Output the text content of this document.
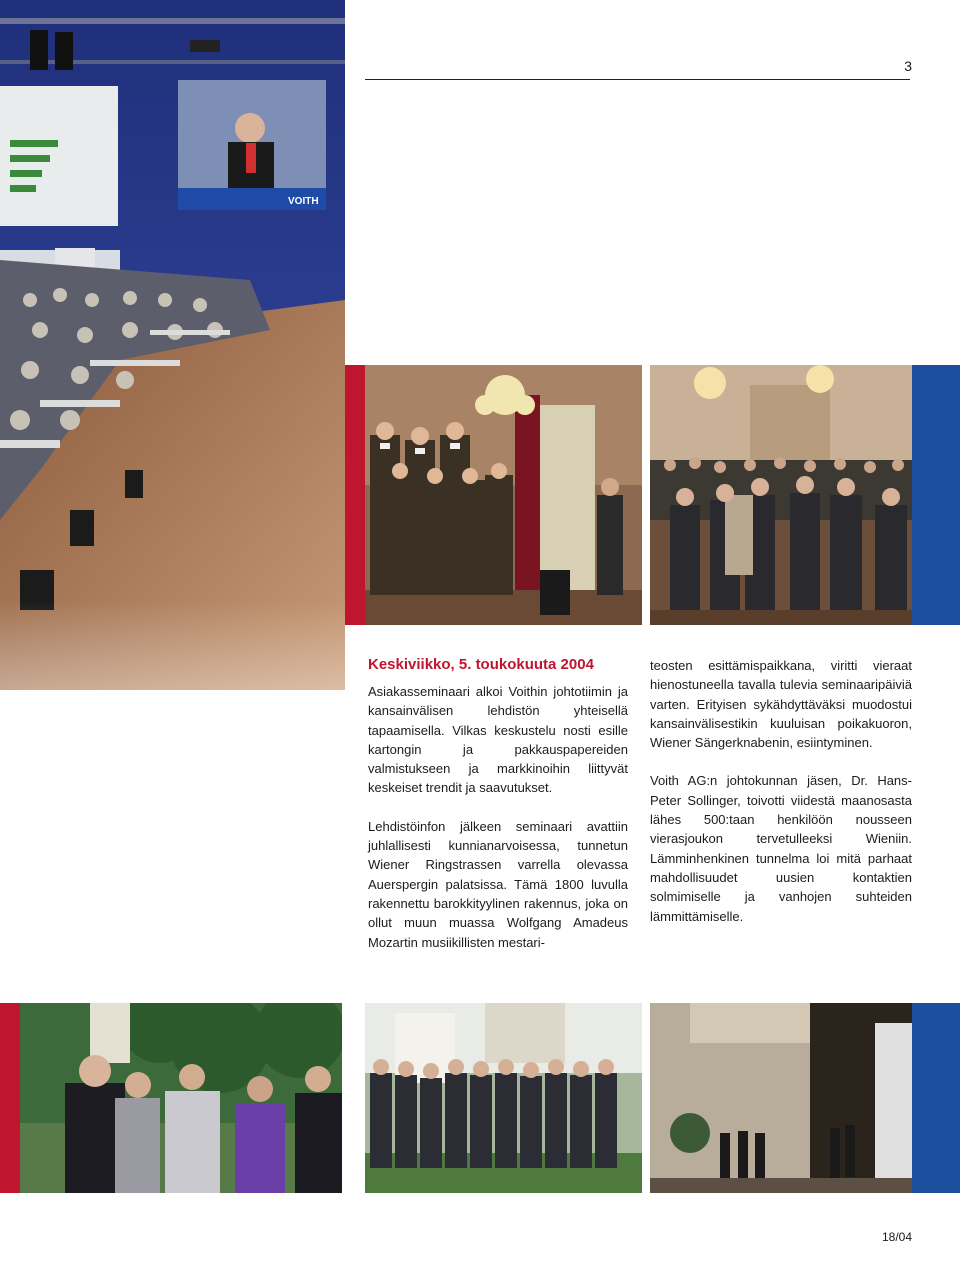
3
VOITH
Keskiviikko, 5. toukokuuta 2004

Asiakasseminaari alkoi Voithin johtotiimin ja kansainvälisen lehdistön yhteisellä tapaamisella. Vilkas keskustelu nosti esille kartongin ja pakkauspapereiden valmistukseen ja markkinoihin liittyvät keskeiset trendit ja saavutukset.

Lehdistöinfon jälkeen seminaari avattiin juhlallisesti kunnianarvoisessa, tunnetun Wiener Ringstrassen varrella olevassa Auerspergin palatsissa. Tämä 1800 luvulla rakennettu barokkityylinen rakennus, joka on ollut muun muassa Wolfgang Amadeus Mozartin musiikillisten mestari-

teosten esittämispaikkana, viritti vieraat hienostuneella tavalla tulevia seminaaripäiviä varten. Erityisen sykähdyttäväksi muodostui kansainvälisestikin kuuluisan poikakuoron, Wiener Sängerknabenin, esiintyminen.

Voith AG:n johtokunnan jäsen, Dr. Hans-Peter Sollinger, toivotti viidestä maanosasta lähes 500:taan henkilöön nousseen vierasjoukon tervetulleeksi Wieniin. Lämminhenkinen tunnelma loi mitä parhaat mahdollisuudet uusien kontaktien solmimiselle ja vanhojen suhteiden lämmittämiselle.

18/04
